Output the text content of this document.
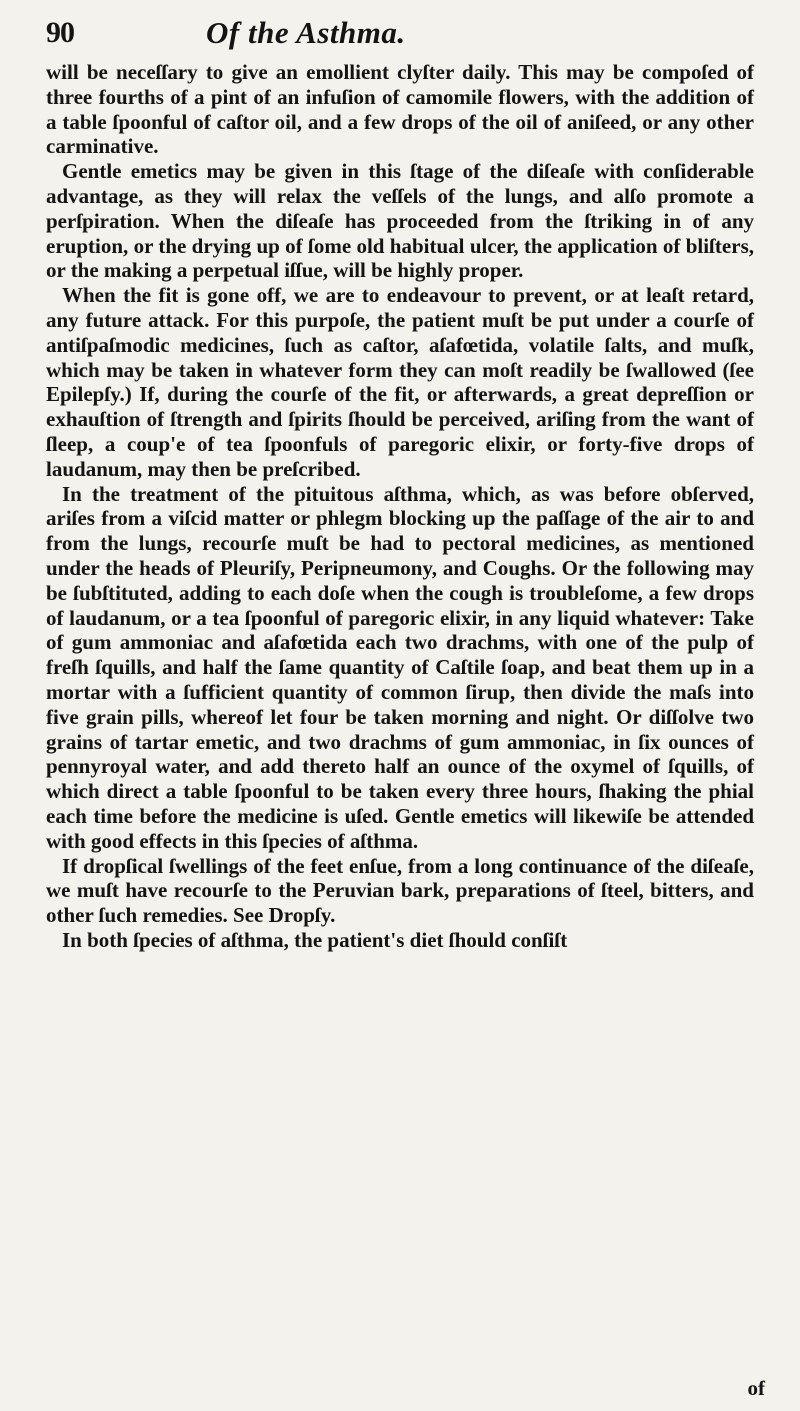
90	Of the Asthma.

will be neceſſary to give an emollient clyſter daily. This may be compoſed of three fourths of a pint of an infuſion of camomile flowers, with the addition of a table ſpoonful of caſtor oil, and a few drops of the oil of aniſeed, or any other carminative.

Gentle emetics may be given in this ſtage of the diſeaſe with conſiderable advantage, as they will relax the veſſels of the lungs, and alſo promote a perſpiration. When the diſeaſe has proceeded from the ſtriking in of any eruption, or the drying up of ſome old habitual ulcer, the application of bliſters, or the making a perpetual iſſue, will be highly proper.

When the fit is gone off, we are to endeavour to prevent, or at leaſt retard, any future attack. For this purpoſe, the patient muſt be put under a courſe of antiſpaſmodic medicines, ſuch as caſtor, aſafœtida, volatile ſalts, and muſk, which may be taken in whatever form they can moſt readily be ſwallowed (ſee Epilepſy.) If, during the courſe of the fit, or afterwards, a great depreſſion or exhauſtion of ſtrength and ſpirits ſhould be perceived, ariſing from the want of ſleep, a coup'e of tea ſpoonfuls of paregoric elixir, or forty-five drops of laudanum, may then be preſcribed.

In the treatment of the pituitous aſthma, which, as was before obſerved, ariſes from a viſcid matter or phlegm blocking up the paſſage of the air to and from the lungs, recourſe muſt be had to pectoral medicines, as mentioned under the heads of Pleuriſy, Peripneumony, and Coughs. Or the following may be ſubſtituted, adding to each doſe when the cough is troubleſome, a few drops of laudanum, or a tea ſpoonful of paregoric elixir, in any liquid whatever: Take of gum ammoniac and aſafœtida each two drachms, with one of the pulp of freſh ſquills, and half the ſame quantity of Caſtile ſoap, and beat them up in a mortar with a ſufficient quantity of common ſirup, then divide the maſs into five grain pills, whereof let four be taken morning and night. Or diſſolve two grains of tartar emetic, and two drachms of gum ammoniac, in ſix ounces of pennyroyal water, and add thereto half an ounce of the oxymel of ſquills, of which direct a table ſpoonful to be taken every three hours, ſhaking the phial each time before the medicine is uſed. Gentle emetics will likewiſe be attended with good effects in this ſpecies of aſthma.

If dropſical ſwellings of the feet enſue, from a long continuance of the diſeaſe, we muſt have recourſe to the Peruvian bark, preparations of ſteel, bitters, and other ſuch remedies. See Dropſy.

In both ſpecies of aſthma, the patient's diet ſhould conſiſt

of
